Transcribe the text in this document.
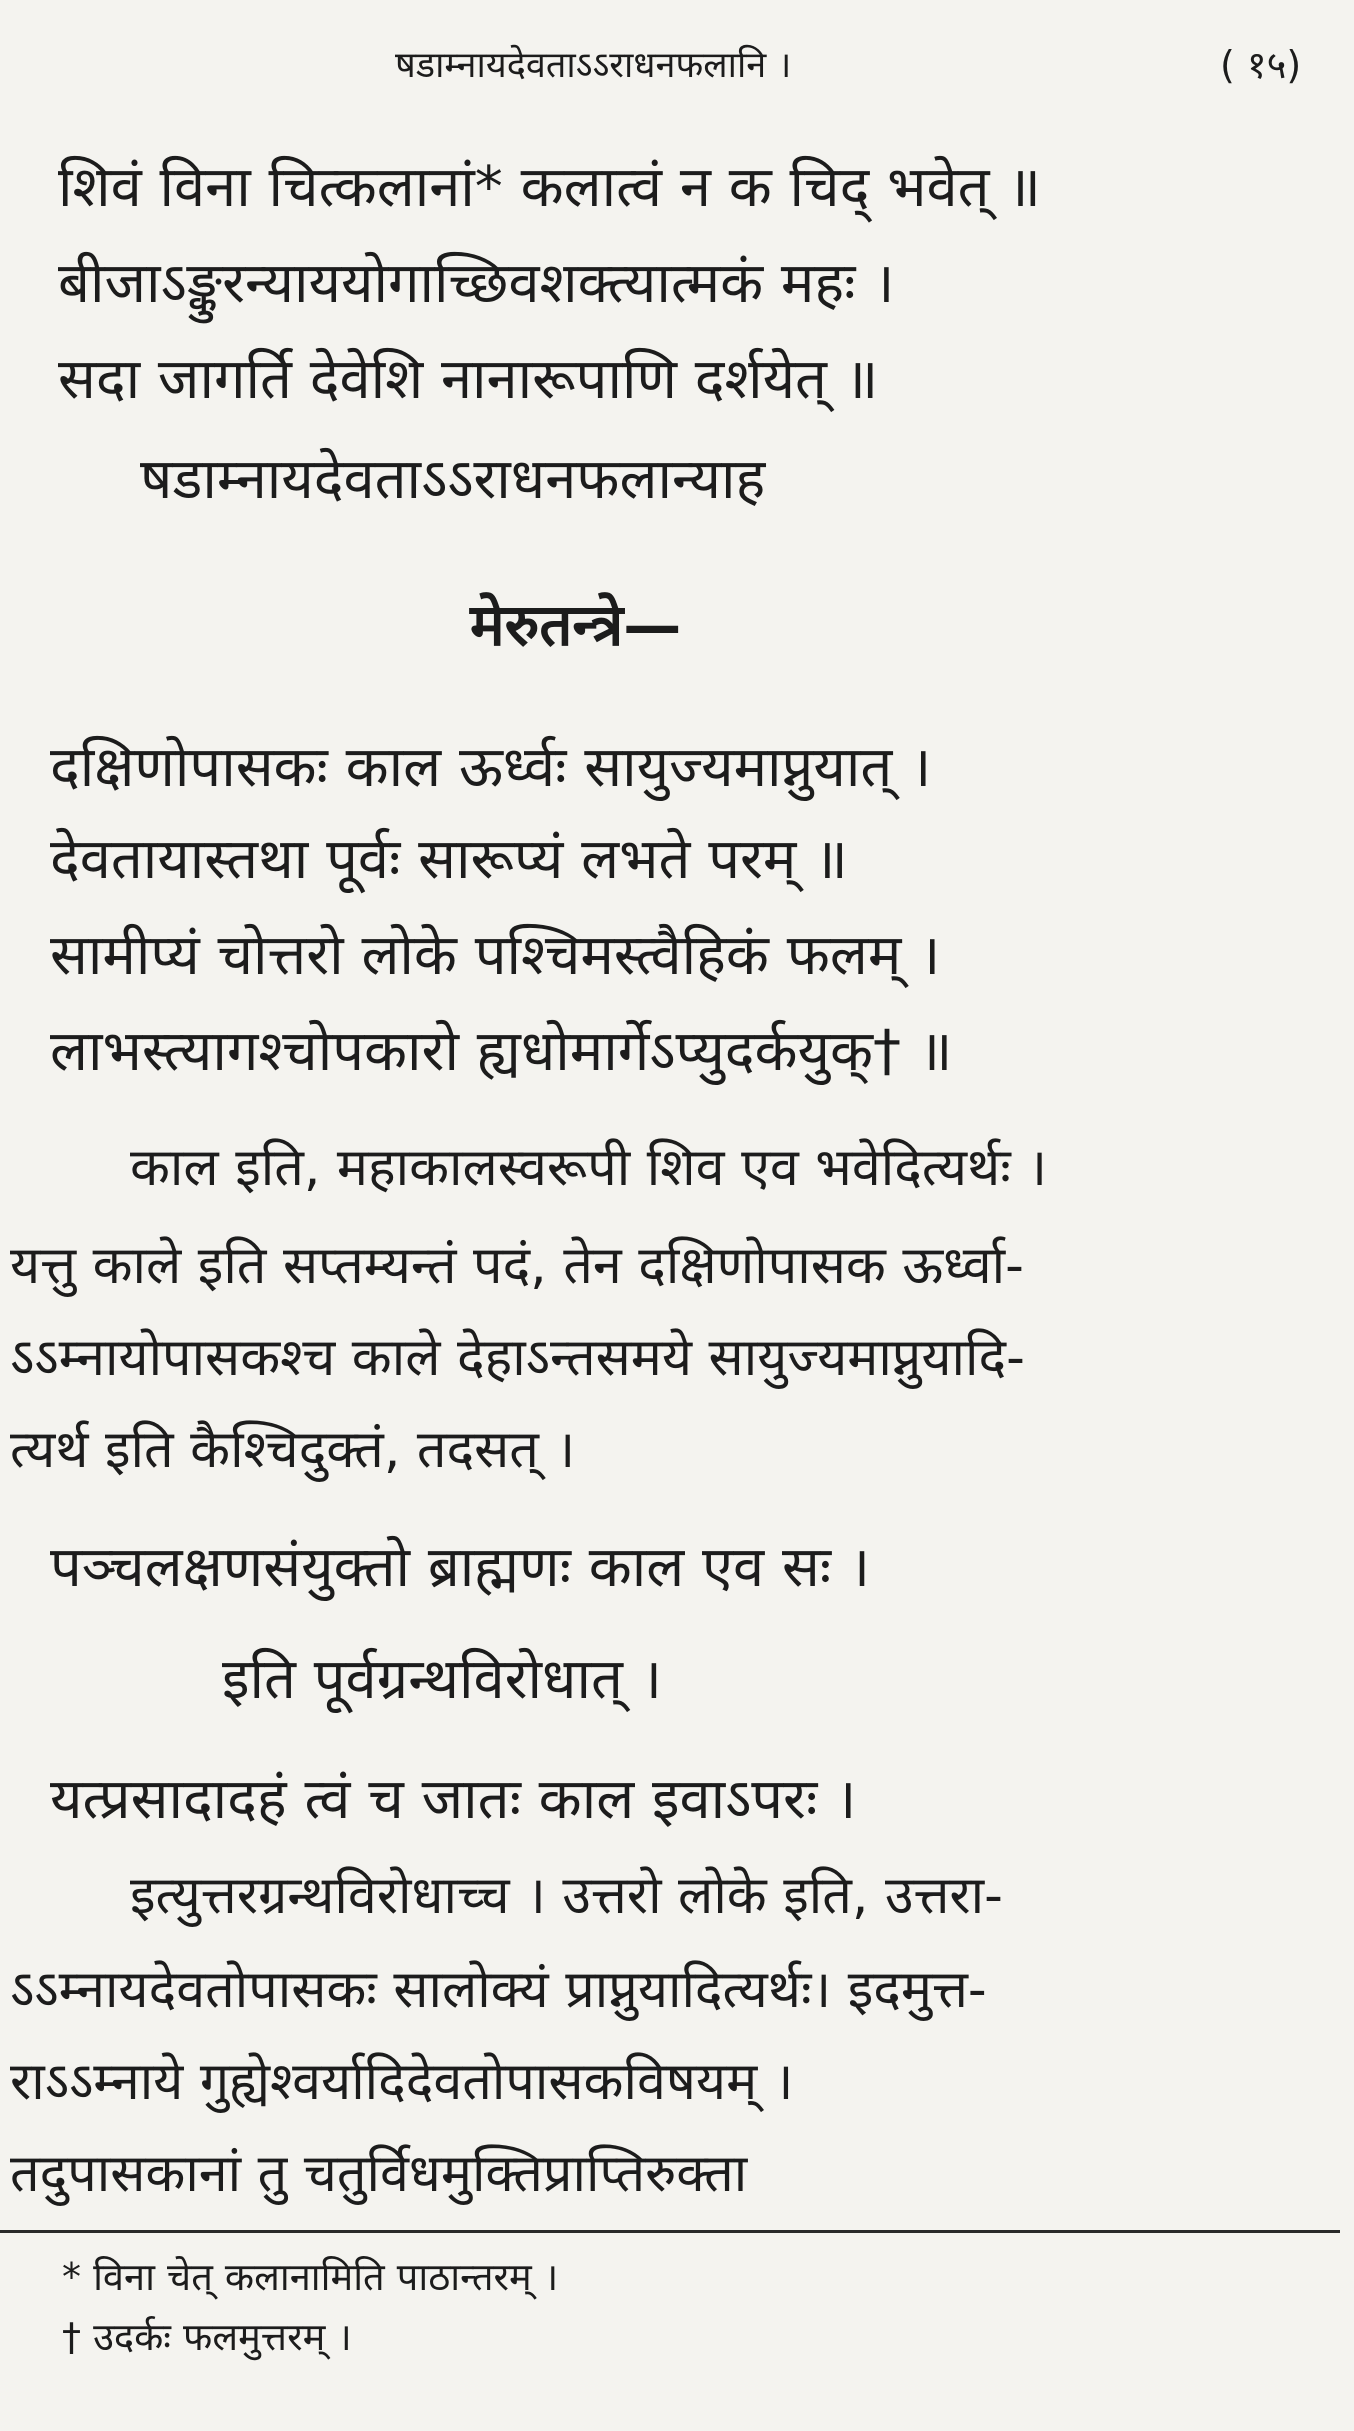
षडाम्नायदेवताऽऽराधनफलानि ।	( १५)
शिवं विना चित्कलानां* कलात्वं न क चिद् भवेत् ॥
बीजाऽङ्कुरन्याययोगाच्छिवशक्त्यात्मकं महः ।
सदा जागर्ति देवेशि नानारूपाणि दर्शयेत् ॥
षडाम्नायदेवताऽऽराधनफलान्याह
मेरुतन्त्रे—
दक्षिणोपासकः काल ऊर्ध्वः सायुज्यमाप्नुयात् ।
देवतायास्तथा पूर्वः सारूप्यं लभते परम् ॥
सामीप्यं चोत्तरो लोके पश्चिमस्त्वैहिकं फलम् ।
लाभस्त्यागश्चोपकारो ह्यधोमार्गेऽप्युदर्कयुक्† ॥
काल इति, महाकालस्वरूपी शिव एव भवेदित्यर्थः ।
यत्तु काले इति सप्तम्यन्तं पदं, तेन दक्षिणोपासक ऊर्ध्वा-
ऽऽम्नायोपासकश्च काले देहाऽन्तसमये सायुज्यमाप्नुयादि-
त्यर्थ इति कैश्चिदुक्तं, तदसत् ।
पञ्चलक्षणसंयुक्तो ब्राह्मणः काल एव सः ।
इति पूर्वग्रन्थविरोधात् ।
यत्प्रसादादहं त्वं च जातः काल इवाऽपरः ।
इत्युत्तरग्रन्थविरोधाच्च । उत्तरो लोके इति, उत्तरा-
ऽऽम्नायदेवतोपासकः सालोक्यं प्राप्नुयादित्यर्थः। इदमुत्त-
राऽऽम्नाये गुह्येश्वर्यादिदेवतोपासकविषयम् ।
तदुपासकानां तु चतुर्विधमुक्तिप्राप्तिरुक्ता
* विना चेत् कलानामिति पाठान्तरम् ।
† उदर्कः फलमुत्तरम् ।
